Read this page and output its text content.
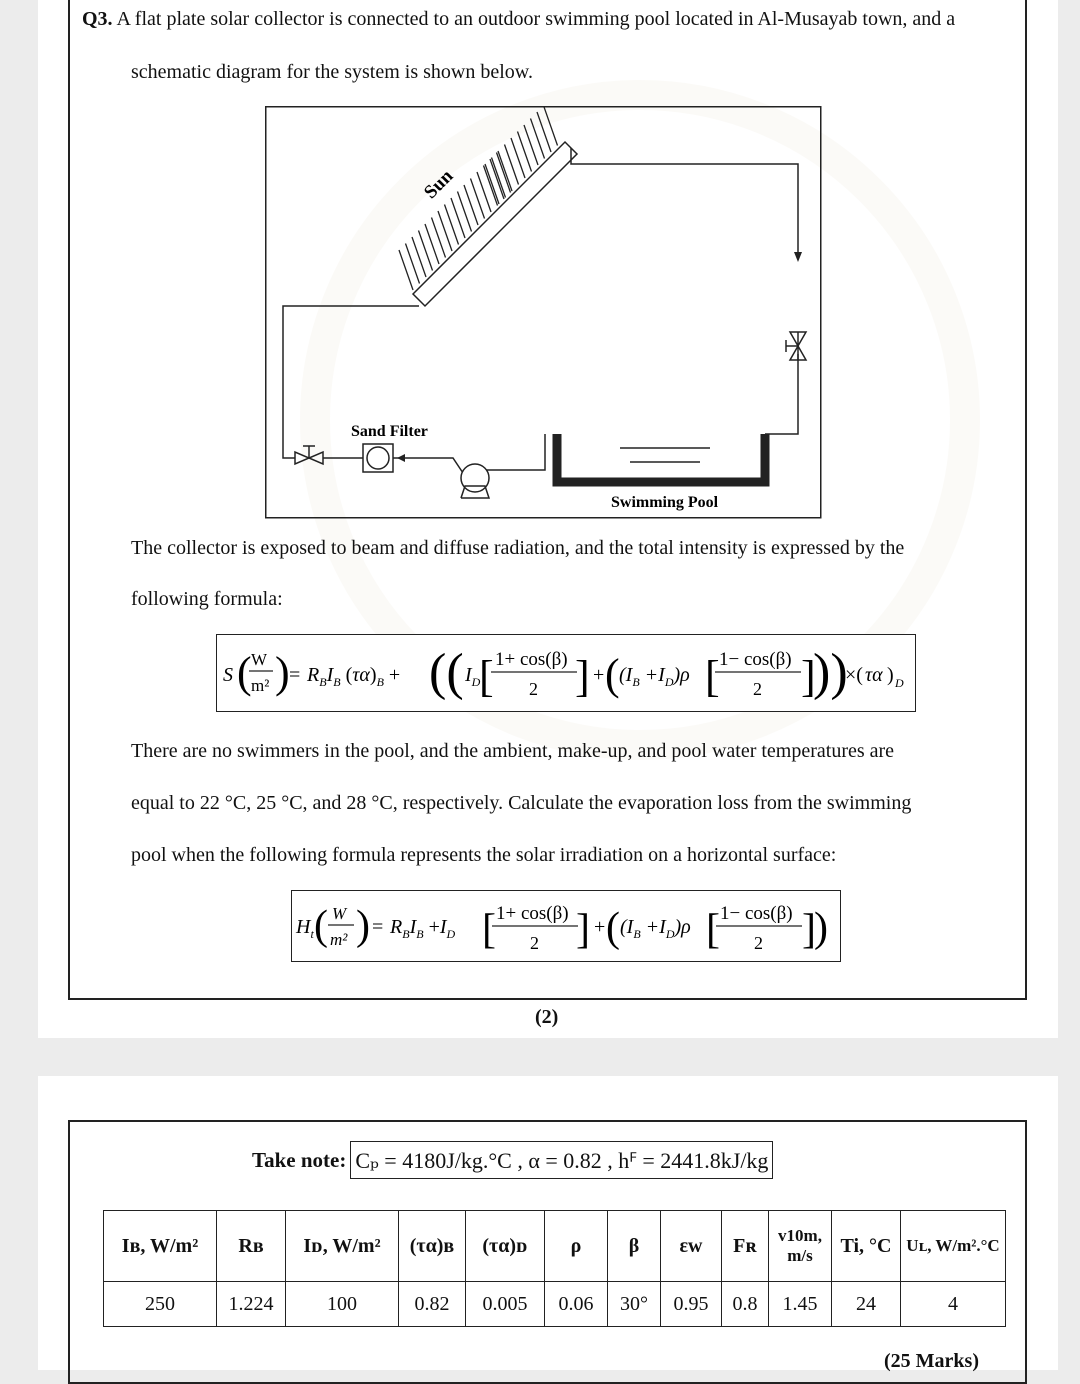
Q3. A flat plate solar collector is connected to an outdoor swimming pool located in Al-Musayab town, and a
schematic diagram for the system is shown below.
Sun
Sand Filter
Swimming Pool
The collector is exposed to beam and diffuse radiation, and the total intensity is expressed by the
following formula:
S ( W
m² ) = $R_BI_B$ $(\tau\alpha)_B$ + (( $I_D$
[ 1+ cos(β)
2 ] + ( $(I_B +I_D)\rho$ [ 1− cos(β)
2 ]
))
×( τα ) D
There are no swimmers in the pool, and the ambient, make-up, and pool water temperatures are
equal to 22 °C, 25 °C, and 28 °C, respectively. Calculate the evaporation loss from the swimming
pool when the following formula represents the solar irradiation on a horizontal surface:
$H_t$ ( W
m² ) = $R_BI_B +I_D$ [ 1+ cos(β)
2 ] + ( $(I_B +I_D)\rho$ [ 1− cos(β)
2 ]
)
(2)
Take note: Cₚ = 4180J/kg.°C , α = 0.82 , hꟳ = 2441.8kJ/kg
Iʙ, W/m²	Rʙ	Iᴅ, W/m²	(τα)ʙ	(τα)ᴅ	ρ	β	εw	Fʀ	v10m, m/s	Ti, °C	Uʟ, W/m².°C
250	1.224	100	0.82	0.005	0.06	30°	0.95	0.8	1.45	24	4
(25 Marks)
